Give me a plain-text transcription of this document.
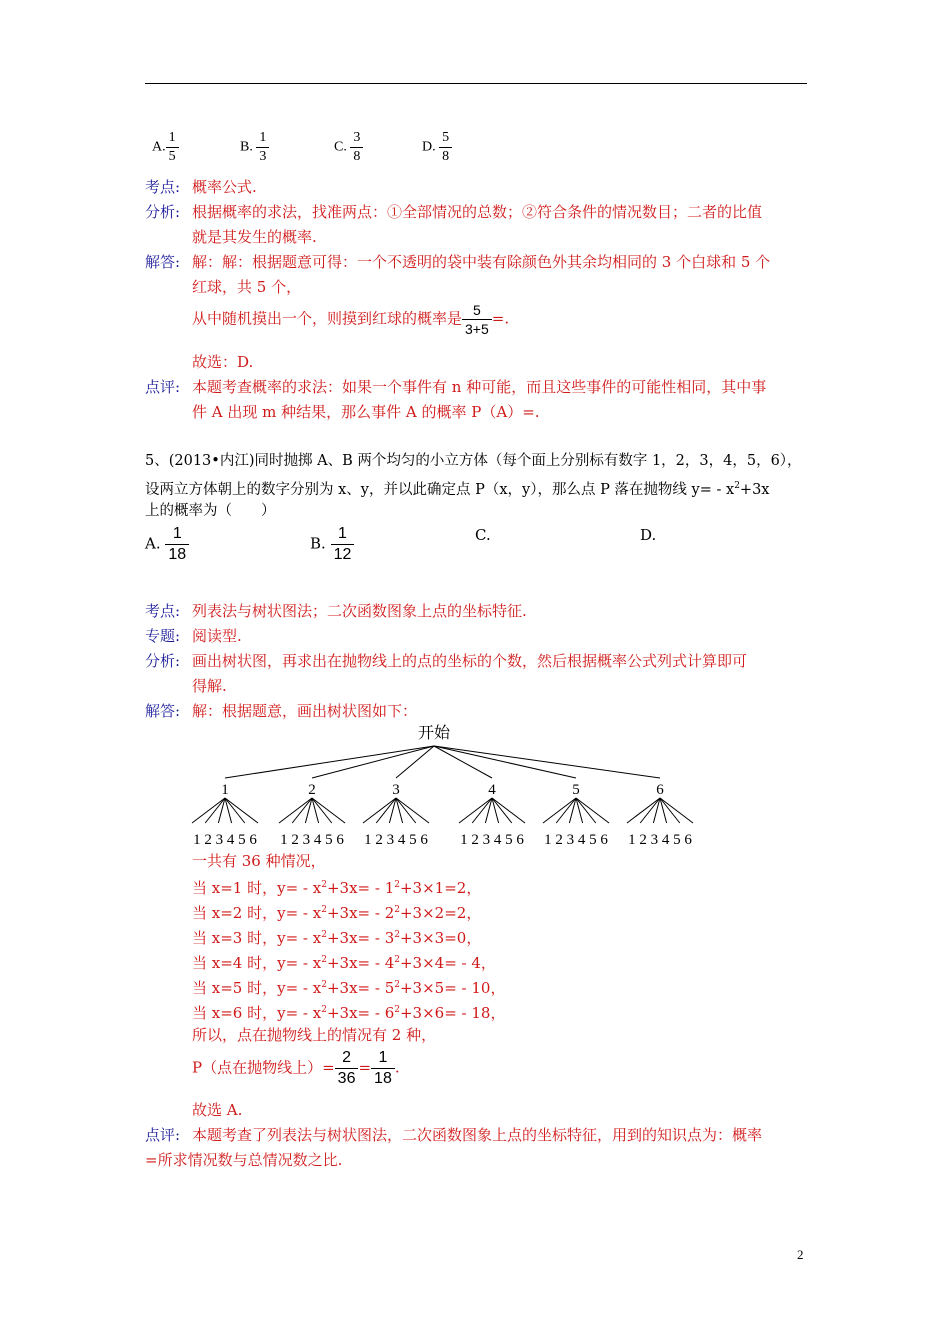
A. $\frac{1}{5}$	B. $\frac{1}{3}$	C. $\frac{3}{8}$	D. $\frac{5}{8}$
考点: 概率公式.
分析: 根据概率的求法，找准两点：①全部情况的总数；②符合条件的情况数目；二者的比值
就是其发生的概率.
解答: 解：解：根据题意可得：一个不透明的袋中装有除颜色外其余均相同的 3 个白球和 5 个
红球，共 5 个，
从中随机摸出一个，则摸到红球的概率是 $\frac{5}{3+5}$ =.
故选：D.
点评: 本题考查概率的求法：如果一个事件有 n 种可能，而且这些事件的可能性相同，其中事
件 A 出现 m 种结果，那么事件 A 的概率 P（A）=.
5、(2013•内江)同时抛掷 A、B 两个均匀的小立方体（每个面上分别标有数字 1，2，3，4，5，6），
设两立方体朝上的数字分别为 x、y，并以此确定点 P（x，y），那么点 P 落在抛物线 $y= - x^2+3x$
上的概率为（　　）
A. $\frac{1}{18}$	B. $\frac{1}{12}$	C.	D.
考点: 列表法与树状图法；二次函数图象上点的坐标特征.
专题: 阅读型.
分析: 画出树状图，再求出在抛物线上的点的坐标的个数，然后根据概率公式列式计算即可
得解.
解答: 解：根据题意，画出树状图如下：
开始
1	2	3	4	5	6
1 2 3 4 5 6 1 2 3 4 5 6 1 2 3 4 5 6 1 2 3 4 5 6 1 2 3 4 5 6 1 2 3 4 5 6
一共有 36 种情况，
当 x=1 时，$y= - x^2+3x= - 1^2+3\times 1=2$，
当 x=2 时，$y= - x^2+3x= - 2^2+3\times 2=2$，
当 x=3 时，$y= - x^2+3x= - 3^2+3\times 3=0$，
当 x=4 时，$y= - x^2+3x= - 4^2+3\times 4= - 4$，
当 x=5 时，$y= - x^2+3x= - 5^2+3\times 5= - 10$，
当 x=6 时，$y= - x^2+3x= - 6^2+3\times 6= - 18$，
所以，点在抛物线上的情况有 2 种，
P（点在抛物线上）= $\frac{2}{36} = \frac{1}{18}$ .
故选 A.
点评: 本题考查了列表法与树状图法，二次函数图象上点的坐标特征，用到的知识点为：概率
=所求情况数与总情况数之比.
2
